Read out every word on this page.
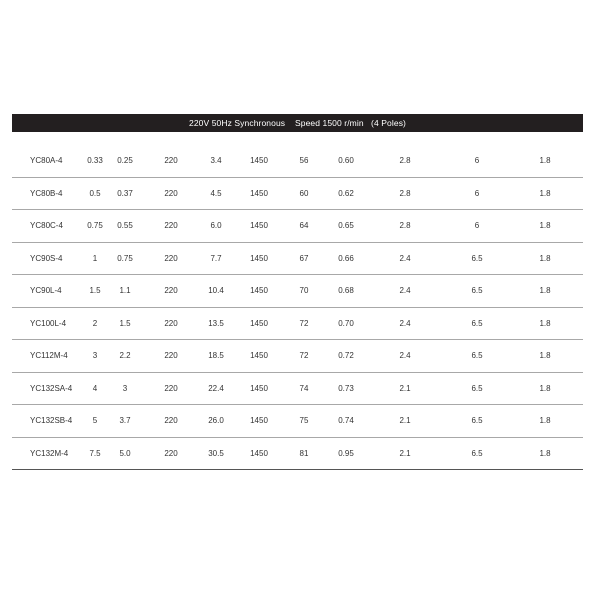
220V 50Hz Synchronous    Speed 1500 r/min   (4 Poles)
YC80A-4	0.33	0.25	220	3.4	1450	56	0.60	2.8	6	1.8
YC80B-4	0.5	0.37	220	4.5	1450	60	0.62	2.8	6	1.8
YC80C-4	0.75	0.55	220	6.0	1450	64	0.65	2.8	6	1.8
YC90S-4	1	0.75	220	7.7	1450	67	0.66	2.4	6.5	1.8
YC90L-4	1.5	1.1	220	10.4	1450	70	0.68	2.4	6.5	1.8
YC100L-4	2	1.5	220	13.5	1450	72	0.70	2.4	6.5	1.8
YC112M-4	3	2.2	220	18.5	1450	72	0.72	2.4	6.5	1.8
YC132SA-4	4	3	220	22.4	1450	74	0.73	2.1	6.5	1.8
YC132SB-4	5	3.7	220	26.0	1450	75	0.74	2.1	6.5	1.8
YC132M-4	7.5	5.0	220	30.5	1450	81	0.95	2.1	6.5	1.8
